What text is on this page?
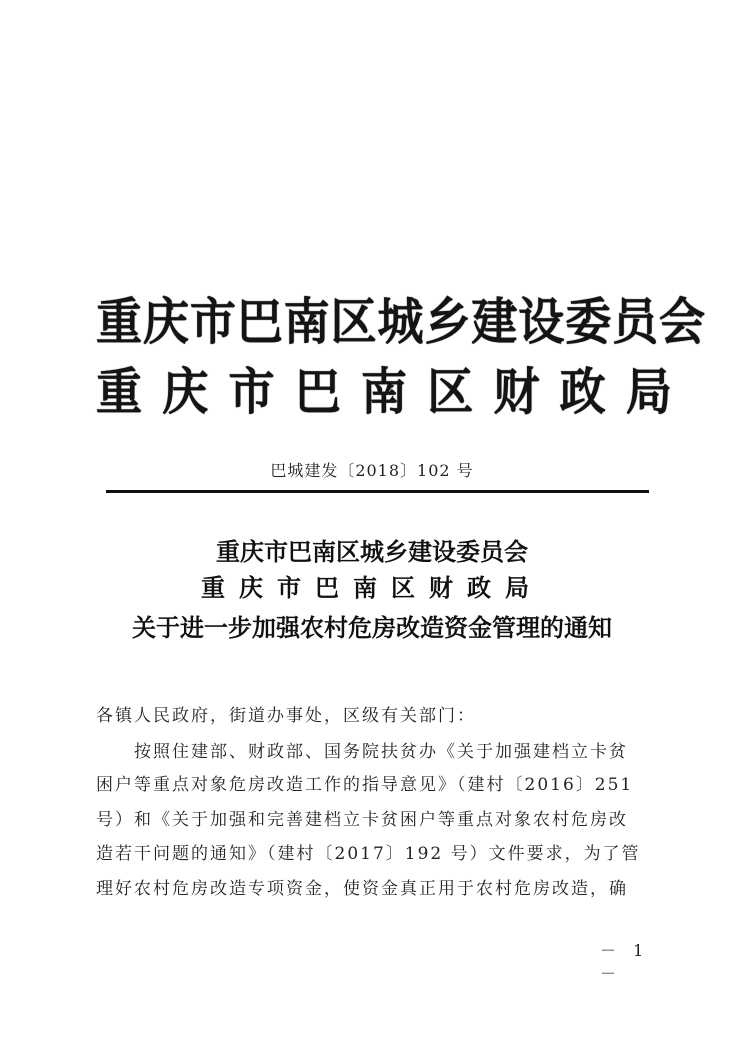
重庆市巴南区城乡建设委员会
重庆市巴南区财政局
巴城建发〔2018〕102 号
重庆市巴南区城乡建设委员会
重庆市巴南区财政局
关于进一步加强农村危房改造资金管理的通知
各镇人民政府，街道办事处，区级有关部门：
按照住建部、财政部、国务院扶贫办《关于加强建档立卡贫
困户等重点对象危房改造工作的指导意见》（建村〔2016〕251
号）和《关于加强和完善建档立卡贫困户等重点对象农村危房改
造若干问题的通知》（建村〔2017〕192 号）文件要求，为了管
理好农村危房改造专项资金，使资金真正用于农村危房改造，确
－ 1 －
